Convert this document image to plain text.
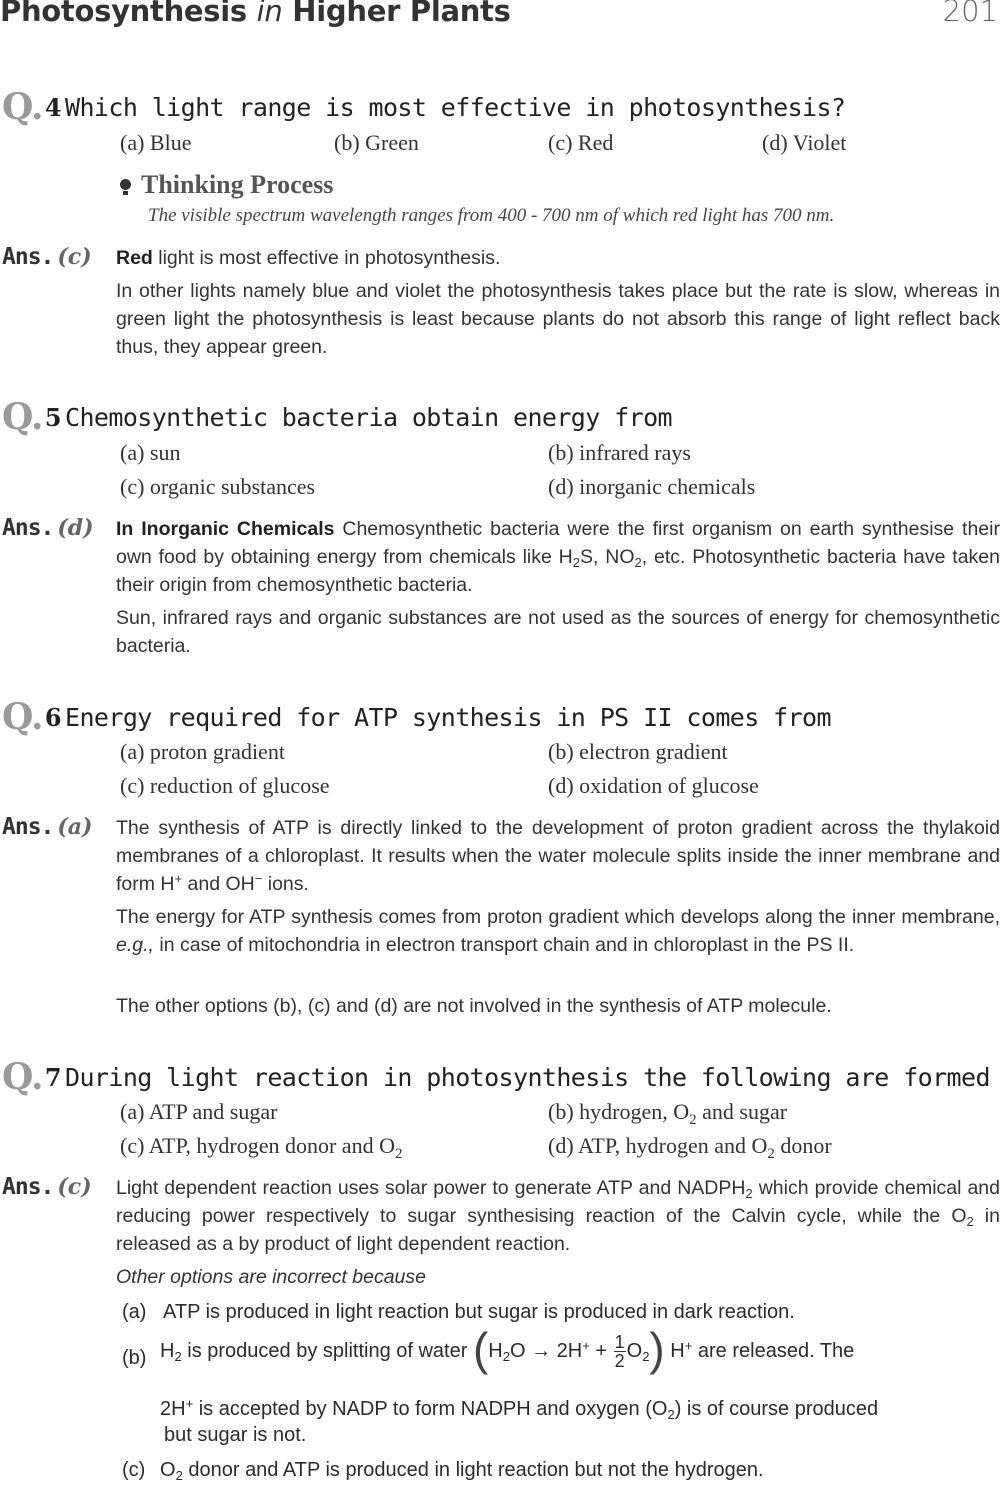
Photosynthesis in Higher Plants	201
Q.4 Which light range is most effective in photosynthesis?
(a) Blue	(b) Green	(c) Red	(d) Violet
Thinking Process
The visible spectrum wavelength ranges from 400 - 700 nm of which red light has 700 nm.
Ans. (c) Red light is most effective in photosynthesis.

In other lights namely blue and violet the photosynthesis takes place but the rate is slow, whereas in green light the photosynthesis is least because plants do not absorb this range of light reflect back thus, they appear green.

Q.5 Chemosynthetic bacteria obtain energy from
(a) sun	(b) infrared rays
(c) organic substances	(d) inorganic chemicals
Ans. (d) In Inorganic Chemicals Chemosynthetic bacteria were the first organism on earth synthesise their own food by obtaining energy from chemicals like $H_2S$, $NO_2$, etc. Photosynthetic bacteria have taken their origin from chemosynthetic bacteria.

Sun, infrared rays and organic substances are not used as the sources of energy for chemosynthetic bacteria.

Q.6 Energy required for ATP synthesis in PS II comes from
(a) proton gradient	(b) electron gradient
(c) reduction of glucose	(d) oxidation of glucose
Ans. (a) The synthesis of ATP is directly linked to the development of proton gradient across the thylakoid membranes of a chloroplast. It results when the water molecule splits inside the inner membrane and form H+ and OH− ions.

The energy for ATP synthesis comes from proton gradient which develops along the inner membrane, e.g., in case of mitochondria in electron transport chain and in chloroplast in the PS II.

The other options (b), (c) and (d) are not involved in the synthesis of ATP molecule.

Q.7 During light reaction in photosynthesis the following are formed
(a) ATP and sugar	(b) hydrogen, $O_2$ and sugar
(c) ATP, hydrogen donor and $O_2$	(d) ATP, hydrogen and $O_2$ donor
Ans. (c) Light dependent reaction uses solar power to generate ATP and $NADPH_2$ which provide chemical and reducing power respectively to sugar synthesising reaction of the Calvin cycle, while the $O_2$ in released as a by product of light dependent reaction.

Other options are incorrect because

(a) ATP is produced in light reaction but sugar is produced in dark reaction.
(b) $H_2$ is produced by splitting of water $(H_2O \to 2H^+ + \frac{1}{2} O_2)$ H+ are released. The
2H+ is accepted by NADP to form NADPH and oxygen $(O_2)$ is of course produced
but sugar is not.
(c) $O_2$ donor and ATP is produced in light reaction but not the hydrogen.
